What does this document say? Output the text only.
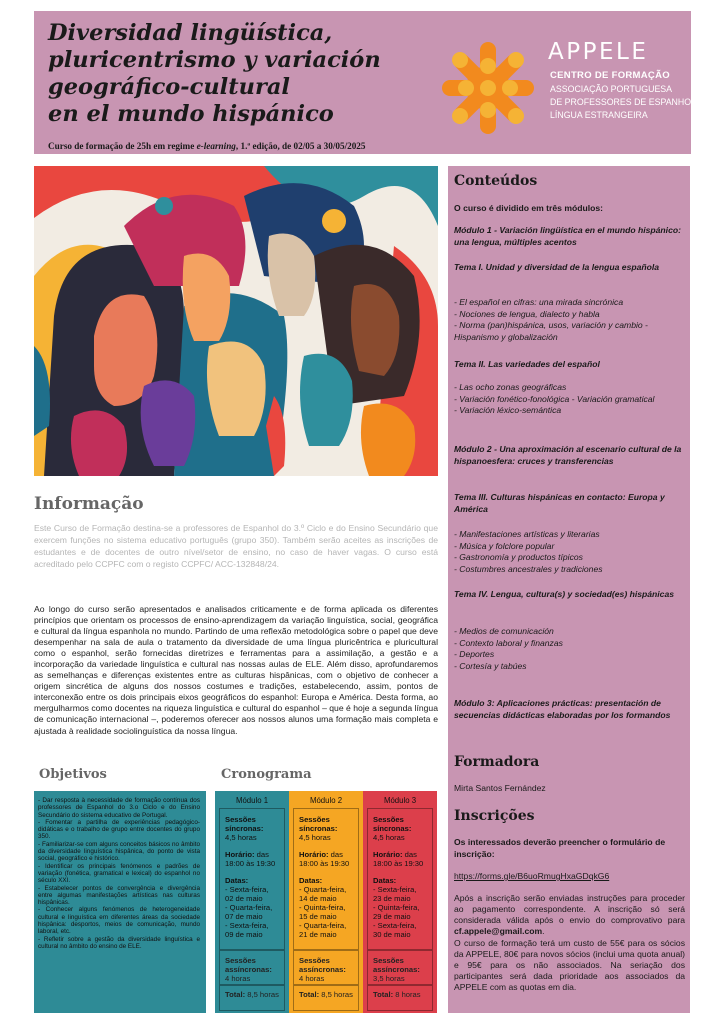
Diversidad lingüística,
pluricentrismo y variación
geográfico-cultural
en el mundo hispánico
Curso de formação de 25h em regime e-learning, 1.ª edição, de 02/05 a 30/05/2025
APPELE
CENTRO DE FORMAÇÃO
ASSOCIAÇÃO PORTUGUESA
DE PROFESSORES DE ESPANHOL
LÍNGUA ESTRANGEIRA
Informação

Este Curso de Formação destina-se a professores de Espanhol do 3.º Ciclo e do Ensino Secundário que exercem funções no sistema educativo português (grupo 350). Também serão aceites as inscrições de estudantes e de docentes de outro nível/setor de ensino, no caso de haver vagas. O curso está acreditado pelo CCPFC com o registo CCPFC/ ACC-132848/24.

Ao longo do curso serão apresentados e analisados criticamente e de forma aplicada os diferentes princípios que orientam os processos de ensino-aprendizagem da variação linguística, social, geográfica e cultural da língua espanhola no mundo. Partindo de uma reflexão metodológica sobre o papel que deve desempenhar na sala de aula o tratamento da diversidade de uma língua pluricêntrica e pluricultural como o espanhol, serão fornecidas diretrizes e ferramentas para a assimilação, a gestão e a incorporação da variedade linguística e cultural nas nossas aulas de ELE. Além disso, aprofundaremos as semelhanças e diferenças existentes entre as culturas hispânicas, com o objetivo de conhecer a origem sincrética de alguns dos nossos costumes e tradições, estabelecendo, assim, pontos de interconexão entre os dois principais eixos geográficos do espanhol: Europa e América. Desta forma, ao mergulharmos como docentes na riqueza linguística e cultural do espanhol – que é hoje a segunda língua de comunicação internacional –, poderemos oferecer aos nossos alunos uma formação mais completa e ajustada à realidade sociolinguística da nossa língua.

Objetivos

- Dar resposta à necessidade de formação contínua dos professores de Espanhol do 3.o Ciclo e do Ensino Secundário do sistema educativo de Portugal.

- Fomentar a partilha de experiências pedagógico-didáticas e o trabalho de grupo entre docentes do grupo 350.

- Familiarizar-se com alguns conceitos básicos no âmbito da diversidade linguística hispânica, do ponto de vista social, geográfico e histórico.

- Identificar os principais fenómenos e padrões de variação (fonética, gramatical e lexical) do espanhol no século XXI.

- Estabelecer pontos de convergência e divergência entre algumas manifestações artísticas nas culturas hispânicas.

- Conhecer alguns fenómenos de heterogeneidade cultural e linguística em diferentes áreas da sociedade hispânica: desportos, meios de comunicação, mundo laboral, etc.

- Refletir sobre a gestão da diversidade linguística e cultural no âmbito do ensino de ELE.

Cronograma
Módulo 1
Sessões síncronas:
4,5 horas
Horário: das 18:00 às 19:30
Datas:
- Sexta-feira, 02 de maio
- Quarta-feira, 07 de maio
- Sexta-feira, 09 de maio
Sessões assíncronas:
4 horas
Total: 8,5 horas
Módulo 2
Sessões síncronas:
4,5 horas
Horário: das 18:00 às 19:30
Datas:
- Quarta-feira, 14 de maio
- Quinta-feira, 15 de maio
- Quarta-feira, 21 de maio
Sessões assíncronas:
4 horas
Total: 8,5 horas
Módulo 3
Sessões síncronas:
4,5 horas
Horário: das 18:00 às 19:30
Datas:
- Sexta-feira, 23 de maio
- Quinta-feira, 29 de maio
- Sexta-feira, 30 de maio
Sessões assíncronas:
3,5 horas
Total: 8 horas
Conteúdos
O curso é dividido em três módulos:
Módulo 1 - Variación lingüística en el mundo hispánico: una lengua, múltiples acentos
Tema I. Unidad y diversidad de la lengua española
- El español en cifras: una mirada sincrónica
- Nociones de lengua, dialecto y habla
- Norma (pan)hispánica, usos, variación y cambio - Hispanismo y globalización
Tema II. Las variedades del español
- Las ocho zonas geográficas
- Variación fonético-fonológica - Variación gramatical
- Variación léxico-semántica
Módulo 2 - Una aproximación al escenario cultural de la hispanoesfera: cruces y transferencias
Tema III. Culturas hispánicas en contacto: Europa y América
- Manifestaciones artísticas y literarias
- Música y folclore popular
- Gastronomía y productos típicos
- Costumbres ancestrales y tradiciones
Tema IV. Lengua, cultura(s) y sociedad(es) hispánicas
- Medios de comunicación
- Contexto laboral y finanzas
- Deportes
- Cortesía y tabúes
Módulo 3: Aplicaciones prácticas: presentación de secuencias didácticas elaboradas por los formandos
Formadora
Mirta Santos Fernández
Inscrições
Os interessados deverão preencher o formulário de inscrição:
https://forms.gle/B6uoRmugHxaGDqkG6
Após a inscrição serão enviadas instruções para proceder ao pagamento correspondente. A inscrição só será considerada válida após o envio do comprovativo para cf.appele@gmail.com.
O curso de formação terá um custo de 55€ para os sócios da APPELE, 80€ para novos sócios (inclui uma quota anual) e 95€ para os não associados. Na seriação dos participantes será dada prioridade aos associados da APPELE com as quotas em dia.
